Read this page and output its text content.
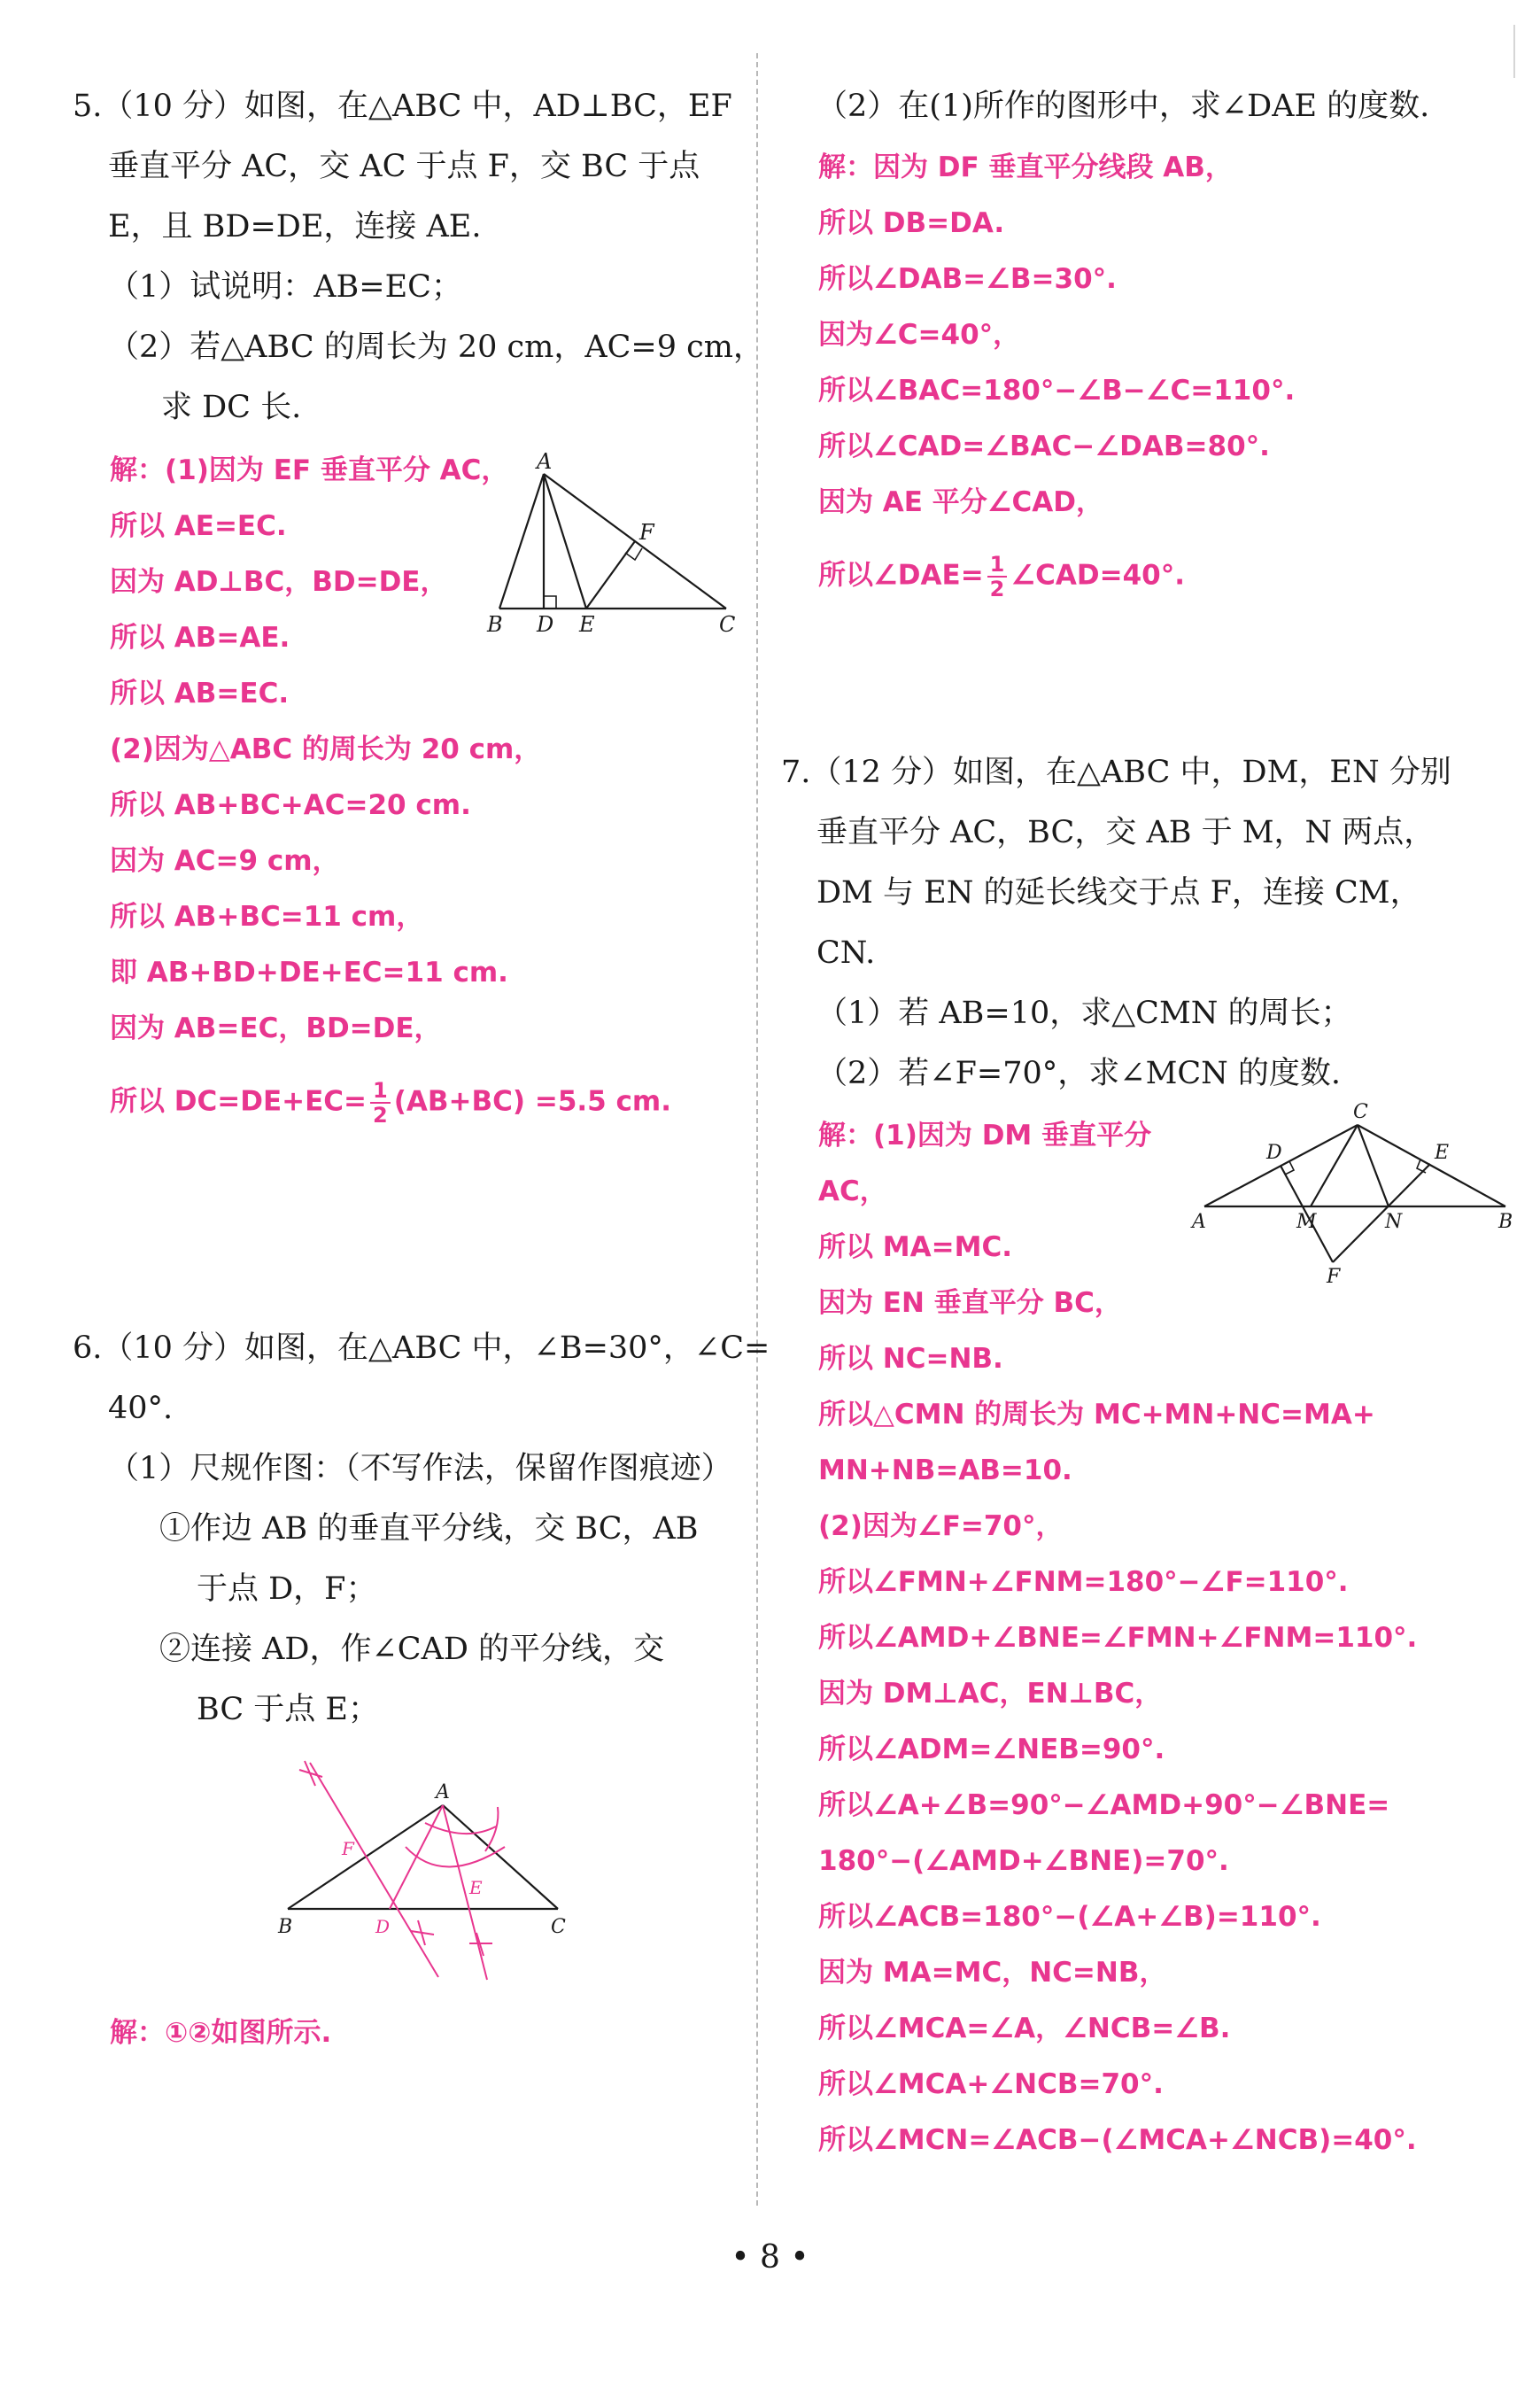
5.（10 分）如图，在△ABC 中，AD⊥BC，EF
垂直平分 AC，交 AC 于点 F，交 BC 于点
E，且 BD=DE，连接 AE.
（1）试说明：AB=EC；
（2）若△ABC 的周长为 20 cm，AC=9 cm，
求 DC 长.
解：(1)因为 EF 垂直平分 AC，
所以 AE=EC.
因为 AD⊥BC，BD=DE，
所以 AB=AE.
所以 AB=EC.
(2)因为△ABC 的周长为 20 cm，
所以 AB+BC+AC=20 cm.
因为 AC=9 cm，
所以 AB+BC=11 cm，
即 AB+BD+DE+EC=11 cm.
因为 AB=EC，BD=DE，
所以 $DC=DE+EC= \frac{1}{2} (AB+BC) =5.5$ cm.
A
B D E	C
F
6.（10 分）如图，在△ABC 中，∠B=30°，∠C=
40°.
（1）尺规作图：（不写作法，保留作图痕迹）
①作边 AB 的垂直平分线，交 BC，AB
于点 D，F；
②连接 AD，作∠CAD 的平分线，交
BC 于点 E；
A
B	C
F
D
E
解：①②如图所示.
（2）在(1)所作的图形中，求∠DAE 的度数.
解：因为 DF 垂直平分线段 AB，
所以 DB=DA.
所以∠DAB=∠B=30°.
因为∠C=40°，
所以∠BAC=180°−∠B−∠C=110°.
所以∠CAD=∠BAC−∠DAB=80°.
因为 AE 平分∠CAD，
所以∠DAE= $\frac{1}{2}$ ∠CAD=40°.
7.（12 分）如图，在△ABC 中，DM，EN 分别
垂直平分 AC，BC，交 AB 于 M，N 两点，
DM 与 EN 的延长线交于点 F，连接 CM，
CN.
（1）若 AB=10，求△CMN 的周长；
（2）若∠F=70°，求∠MCN 的度数.
解：(1)因为 DM 垂直平分
AC，
所以 MA=MC.
因为 EN 垂直平分 BC，
所以 NC=NB.
C
D	E
A	M	N	B
F
所以△CMN 的周长为 MC+MN+NC=MA+
MN+NB=AB=10.
(2)因为∠F=70°，
所以∠FMN+∠FNM=180°−∠F=110°.
所以∠AMD+∠BNE=∠FMN+∠FNM=110°.
因为 DM⊥AC，EN⊥BC，
所以∠ADM=∠NEB=90°.
所以∠A+∠B=90°−∠AMD+90°−∠BNE=
180°−(∠AMD+∠BNE)=70°.
所以∠ACB=180°−(∠A+∠B)=110°.
因为 MA=MC，NC=NB，
所以∠MCA=∠A，∠NCB=∠B.
所以∠MCA+∠NCB=70°.
所以∠MCN=∠ACB−(∠MCA+∠NCB)=40°.
• 8 •
